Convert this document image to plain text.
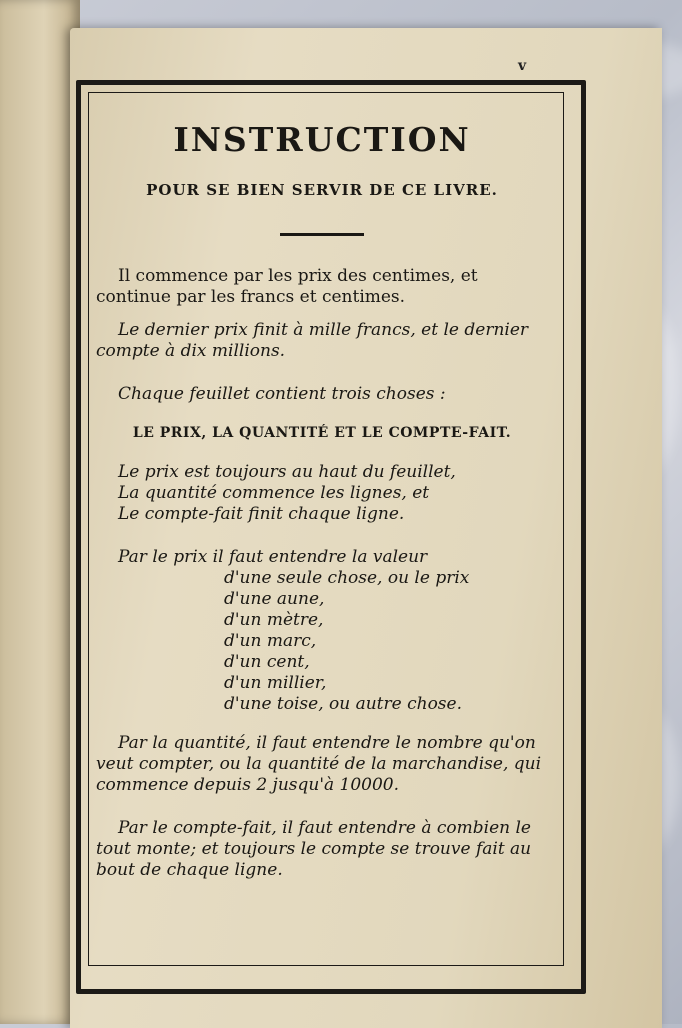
v
INSTRUCTION
POUR SE BIEN SERVIR DE CE LIVRE.

Il commence par les prix des centimes, et continue par les francs et centimes.

Le dernier prix finit à mille francs, et le dernier compte à dix millions.

Chaque feuillet contient trois choses :

LE PRIX, LA QUANTITÉ ET LE COMPTE-FAIT.

Le prix est toujours au haut du feuillet,

La quantité commence les lignes, et

Le compte-fait finit chaque ligne.

Par le prix il faut entendre la valeur

d'une seule chose, ou le prix

d'une aune,

d'un mètre,

d'un marc,

d'un cent,

d'un millier,

d'une toise, ou autre chose.

Par la quantité, il faut entendre le nombre qu'on veut compter, ou la quantité de la marchandise, qui commence depuis 2 jusqu'à 10000.

Par le compte-fait, il faut entendre à combien le tout monte; et toujours le compte se trouve fait au bout de chaque ligne.
